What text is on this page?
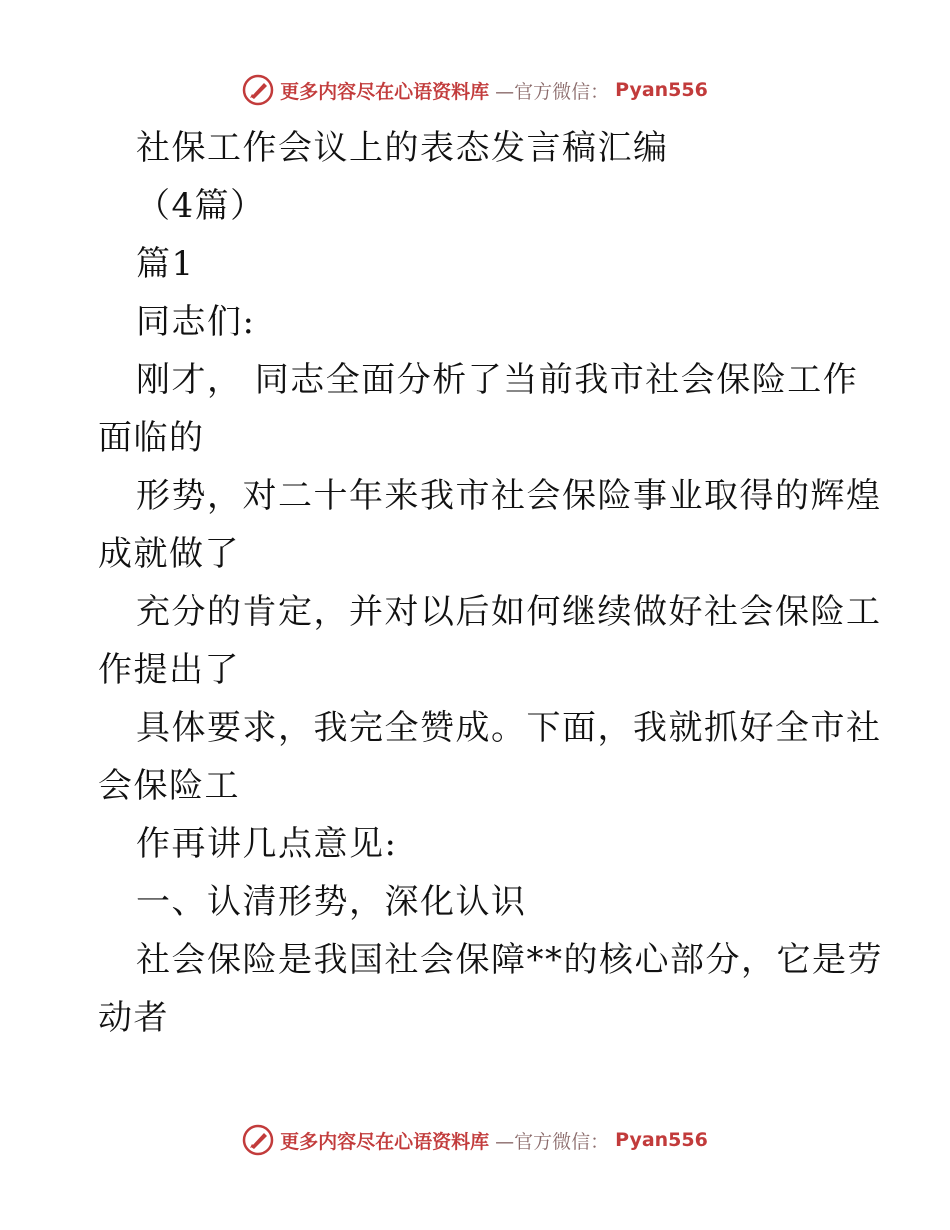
更多内容尽在心语资料库 —官方微信： Pyan556
社保工作会议上的表态发言稿汇编
（4篇）
篇1
同志们:
刚才， 同志全面分析了当前我市社会保险工作
面临的
形势，对二十年来我市社会保险事业取得的辉煌
成就做了
充分的肯定，并对以后如何继续做好社会保险工
作提出了
具体要求，我完全赞成。下面，我就抓好全市社
会保险工
作再讲几点意见:
一、认清形势，深化认识
社会保险是我国社会保障**的核心部分，它是劳
动者
更多内容尽在心语资料库 —官方微信： Pyan556
